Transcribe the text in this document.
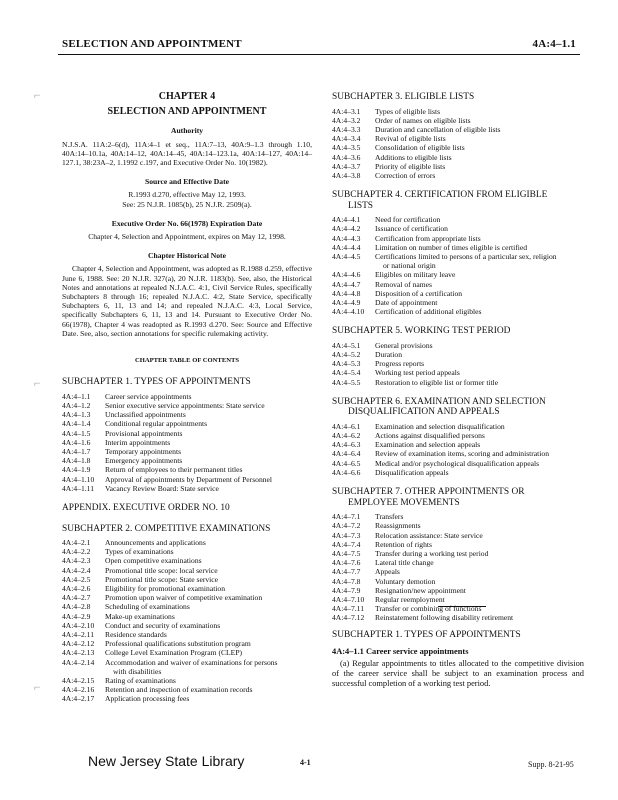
SELECTION AND APPOINTMENT	4A:4–1.1
⌐
⌐
⌐
CHAPTER 4
SELECTION AND APPOINTMENT
Authority

N.J.S.A. 11A:2–6(d), 11A:4–1 et seq., 11A:7–13, 40A:9–1.3 through 1.10, 40A:14–10.1a, 40A:14–12, 40A:14–45, 40A:14–123.1a, 40A:14–127, 40A:14–127.1, 38:23A–2, 1.1992 c.197, and Executive Order No. 10(1982).

Source and Effective Date

R.1993 d.270, effective May 12, 1993.

See: 25 N.J.R. 1085(b), 25 N.J.R. 2509(a).

Executive Order No. 66(1978) Expiration Date

Chapter 4, Selection and Appointment, expires on May 12, 1998.

Chapter Historical Note

Chapter 4, Selection and Appointment, was adopted as R.1988 d.259, effective June 6, 1988. See: 20 N.J.R. 327(a), 20 N.J.R. 1183(b). See, also, the Historical Notes and annotations at repealed N.J.A.C. 4:1, Civil Service Rules, specifically Subchapters 8 through 16; repealed N.J.A.C. 4:2, State Service, specifically Subchapters 6, 11, 13 and 14; and repealed N.J.A.C. 4:3, Local Service, specifically Subchapters 6, 11, 13 and 14. Pursuant to Executive Order No. 66(1978), Chapter 4 was readopted as R.1993 d.270. See: Source and Effective Date. See, also, section annotations for specific rulemaking activity.

CHAPTER TABLE OF CONTENTS
SUBCHAPTER 1. TYPES OF APPOINTMENTS
4A:4–1.1	Career service appointments
4A:4–1.2	Senior executive service appointments: State service
4A:4–1.3	Unclassified appointments
4A:4–1.4	Conditional regular appointments
4A:4–1.5	Provisional appointments
4A:4–1.6	Interim appointments
4A:4–1.7	Temporary appointments
4A:4–1.8	Emergency appointments
4A:4–1.9	Return of employees to their permanent titles
4A:4–1.10	Approval of appointments by Department of Personnel
4A:4–1.11	Vacancy Review Board: State service
APPENDIX. EXECUTIVE ORDER NO. 10
SUBCHAPTER 2. COMPETITIVE EXAMINATIONS
4A:4–2.1	Announcements and applications
4A:4–2.2	Types of examinations
4A:4–2.3	Open competitive examinations
4A:4–2.4	Promotional title scope: local service
4A:4–2.5	Promotional title scope: State service
4A:4–2.6	Eligibility for promotional examination
4A:4–2.7	Promotion upon waiver of competitive examination
4A:4–2.8	Scheduling of examinations
4A:4–2.9	Make-up examinations
4A:4–2.10	Conduct and security of examinations
4A:4–2.11	Residence standards
4A:4–2.12	Professional qualifications substitution program
4A:4–2.13	College Level Examination Program (CLEP)
4A:4–2.14	Accommodation and waiver of examinations for persons
with disabilities
4A:4–2.15	Rating of examinations
4A:4–2.16	Retention and inspection of examination records
4A:4–2.17	Application processing fees
SUBCHAPTER 3. ELIGIBLE LISTS
4A:4–3.1	Types of eligible lists
4A:4–3.2	Order of names on eligible lists
4A:4–3.3	Duration and cancellation of eligible lists
4A:4–3.4	Revival of eligible lists
4A:4–3.5	Consolidation of eligible lists
4A:4–3.6	Additions to eligible lists
4A:4–3.7	Priority of eligible lists
4A:4–3.8	Correction of errors
SUBCHAPTER 4. CERTIFICATION FROM ELIGIBLE
LISTS
4A:4–4.1	Need for certification
4A:4–4.2	Issuance of certification
4A:4–4.3	Certification from appropriate lists
4A:4–4.4	Limitation on number of times eligible is certified
4A:4–4.5	Certifications limited to persons of a particular sex, religion
or national origin
4A:4–4.6	Eligibles on military leave
4A:4–4.7	Removal of names
4A:4–4.8	Disposition of a certification
4A:4–4.9	Date of appointment
4A:4–4.10	Certification of additional eligibles
SUBCHAPTER 5. WORKING TEST PERIOD
4A:4–5.1	General provisions
4A:4–5.2	Duration
4A:4–5.3	Progress reports
4A:4–5.4	Working test period appeals
4A:4–5.5	Restoration to eligible list or former title
SUBCHAPTER 6. EXAMINATION AND SELECTION
DISQUALIFICATION AND APPEALS
4A:4–6.1	Examination and selection disqualification
4A:4–6.2	Actions against disqualified persons
4A:4–6.3	Examination and selection appeals
4A:4–6.4	Review of examination items, scoring and administration
4A:4–6.5	Medical and/or psychological disqualification appeals
4A:4–6.6	Disqualification appeals
SUBCHAPTER 7. OTHER APPOINTMENTS OR
EMPLOYEE MOVEMENTS
4A:4–7.1	Transfers
4A:4–7.2	Reassignments
4A:4–7.3	Relocation assistance: State service
4A:4–7.4	Retention of rights
4A:4–7.5	Transfer during a working test period
4A:4–7.6	Lateral title change
4A:4–7.7	Appeals
4A:4–7.8	Voluntary demotion
4A:4–7.9	Resignation/new appointment
4A:4–7.10	Regular reemployment
4A:4–7.11	Transfer or combining of functions
4A:4–7.12	Reinstatement following disability retirement
SUBCHAPTER 1. TYPES OF APPOINTMENTS
4A:4–1.1 Career service appointments

(a) Regular appointments to titles allocated to the competitive division of the career service shall be subject to an examination process and successful completion of a working test period.

New Jersey State Library	4-1	Supp. 8-21-95
